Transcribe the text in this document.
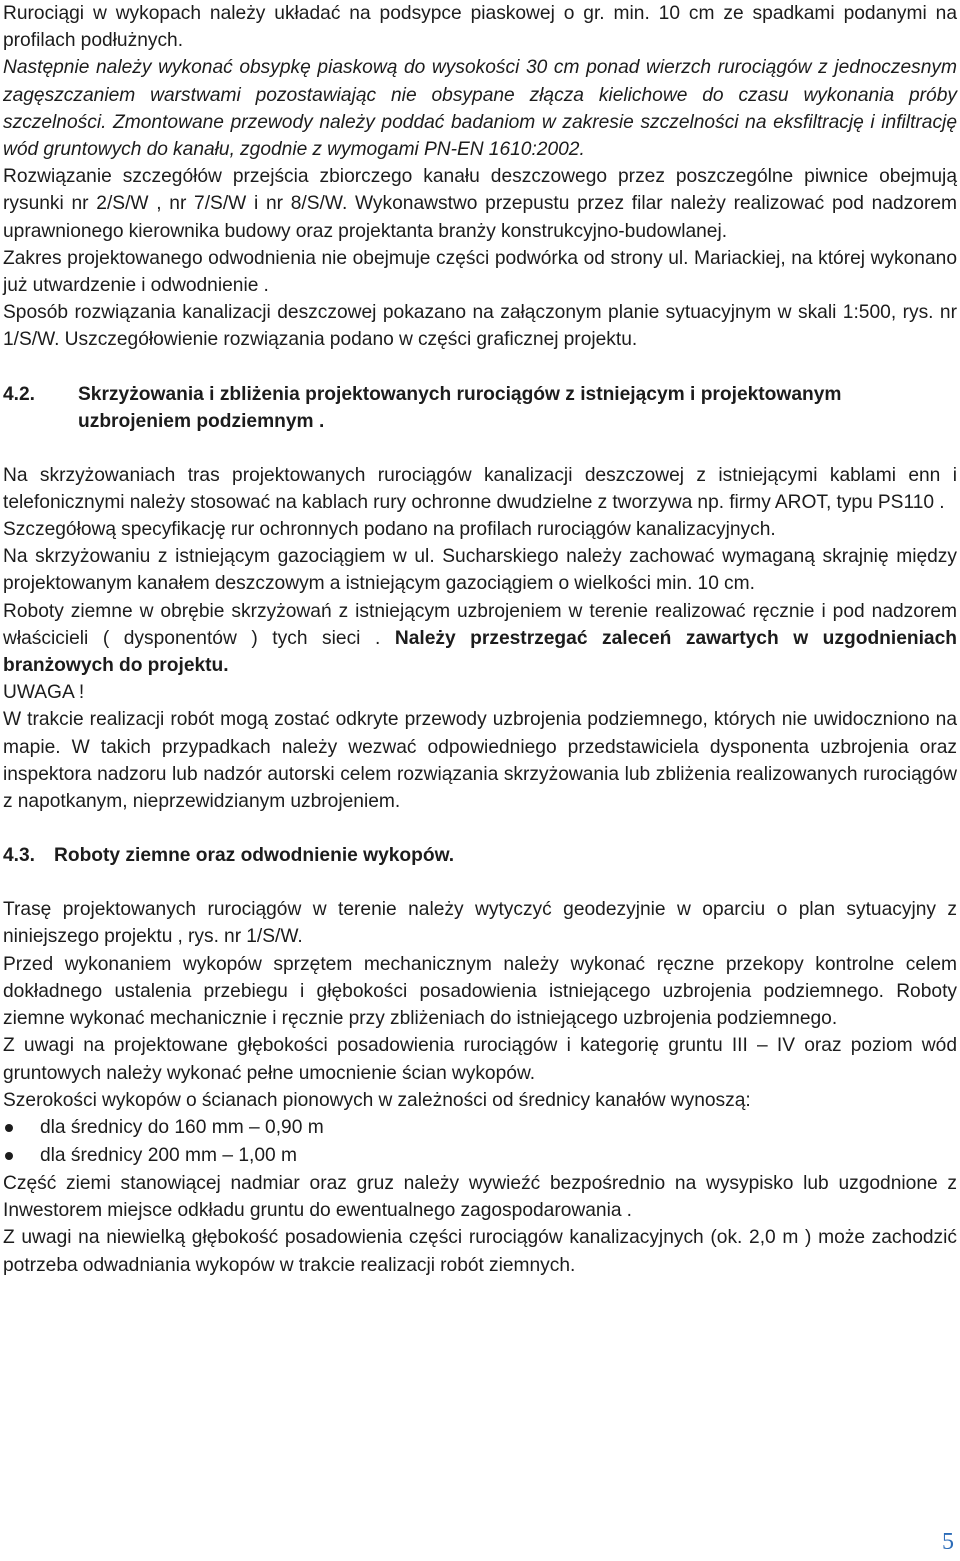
Rurociągi w wykopach należy układać na podsypce piaskowej o gr. min. 10 cm ze spadkami podanymi na profilach podłużnych.

Następnie należy wykonać obsypkę piaskową do wysokości 30 cm ponad wierzch rurociągów z jednoczesnym zagęszczaniem warstwami pozostawiając nie obsypane złącza kielichowe do czasu wykonania próby szczelności. Zmontowane przewody należy poddać badaniom w zakresie szczelności na eksfiltrację i infiltrację wód gruntowych do kanału, zgodnie z wymogami PN-EN 1610:2002.

Rozwiązanie szczegółów przejścia zbiorczego kanału deszczowego przez poszczególne piwnice obejmują rysunki nr 2/S/W , nr 7/S/W i nr 8/S/W. Wykonawstwo przepustu przez filar należy realizować pod nadzorem uprawnionego kierownika budowy oraz projektanta branży konstrukcyjno-budowlanej.

Zakres projektowanego odwodnienia nie obejmuje części podwórka od strony ul. Mariackiej, na której wykonano już utwardzenie i odwodnienie .

Sposób rozwiązania kanalizacji deszczowej pokazano na załączonym planie sytuacyjnym w skali 1:500, rys. nr 1/S/W. Uszczegółowienie rozwiązania podano w części graficznej projektu.

4.2.	Skrzyżowania i zbliżenia projektowanych rurociągów z istniejącym i projektowanym uzbrojeniem podziemnym .

Na skrzyżowaniach tras projektowanych rurociągów kanalizacji deszczowej z istniejącymi kablami enn i telefonicznymi należy stosować na kablach rury ochronne dwudzielne z tworzywa np. firmy AROT, typu PS110 .

Szczegółową specyfikację rur ochronnych podano na profilach rurociągów kanalizacyjnych.

Na skrzyżowaniu z istniejącym gazociągiem w ul. Sucharskiego należy zachować wymaganą skrajnię między projektowanym kanałem deszczowym a istniejącym gazociągiem o wielkości min. 10 cm.

Roboty ziemne w obrębie skrzyżowań z istniejącym uzbrojeniem w terenie realizować ręcznie i pod nadzorem właścicieli ( dysponentów ) tych sieci . Należy przestrzegać zaleceń zawartych w uzgodnieniach branżowych do projektu.

UWAGA !

W trakcie realizacji robót mogą zostać odkryte przewody uzbrojenia podziemnego, których nie uwidoczniono na mapie. W takich przypadkach należy wezwać odpowiedniego przedstawiciela dysponenta uzbrojenia oraz inspektora nadzoru lub nadzór autorski celem rozwiązania skrzyżowania lub zbliżenia realizowanych rurociągów z napotkanym, nieprzewidzianym uzbrojeniem.

4.3. Roboty ziemne oraz odwodnienie wykopów.

Trasę projektowanych rurociągów w terenie należy wytyczyć geodezyjnie w oparciu o plan sytuacyjny z niniejszego projektu , rys. nr 1/S/W.

Przed wykonaniem wykopów sprzętem mechanicznym należy wykonać ręczne przekopy kontrolne celem dokładnego ustalenia przebiegu i głębokości posadowienia istniejącego uzbrojenia podziemnego. Roboty ziemne wykonać mechanicznie i ręcznie przy zbliżeniach do istniejącego uzbrojenia podziemnego.

Z uwagi na projektowane głębokości posadowienia rurociągów i kategorię gruntu III – IV oraz poziom wód gruntowych należy wykonać pełne umocnienie ścian wykopów.

Szerokości wykopów o ścianach pionowych w zależności od średnicy kanałów wynoszą:

dla średnicy do 160 mm – 0,90 m
dla średnicy 200 mm – 1,00 m

Część ziemi stanowiącej nadmiar oraz gruz należy wywieźć bezpośrednio na wysypisko lub uzgodnione z Inwestorem miejsce odkładu gruntu do ewentualnego zagospodarowania .

Z uwagi na niewielką głębokość posadowienia części rurociągów kanalizacyjnych (ok. 2,0 m ) może zachodzić potrzeba odwadniania wykopów w trakcie realizacji robót ziemnych.

5
